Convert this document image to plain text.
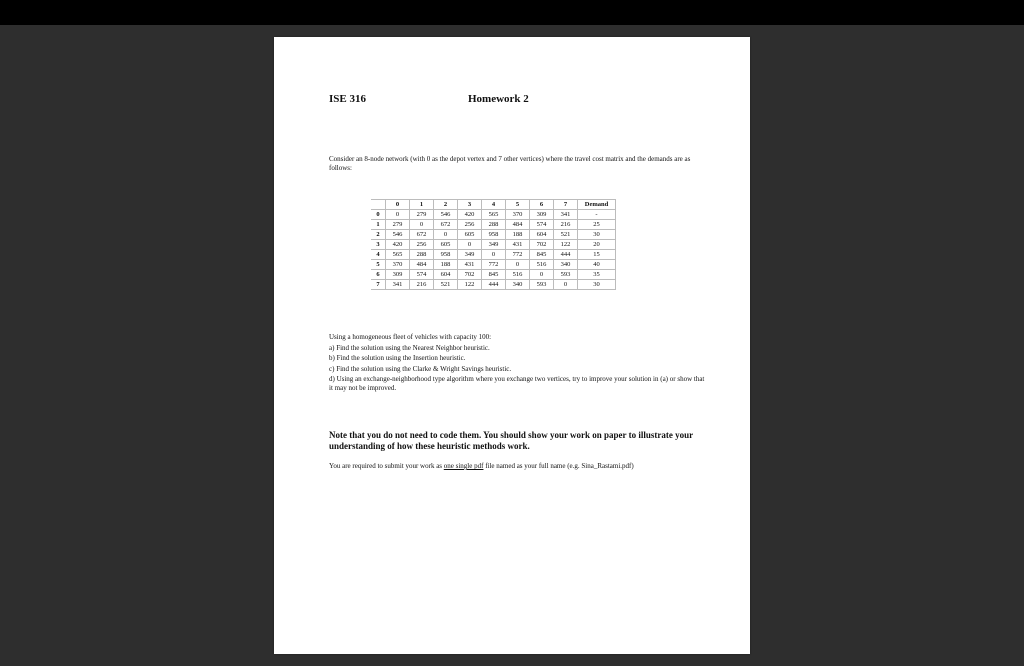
ISE 316	Homework 2
Consider an 8-node network (with 0 as the depot vertex and 7 other vertices) where the travel cost matrix and the demands are as follows:
	0	1	2	3	4	5	6	7	Demand
0	0	279	546	420	565	370	309	341	-
1	279	0	672	256	288	484	574	216	25
2	546	672	0	605	958	188	604	521	30
3	420	256	605	0	349	431	702	122	20
4	565	288	958	349	0	772	845	444	15
5	370	484	188	431	772	0	516	340	40
6	309	574	604	702	845	516	0	593	35
7	341	216	521	122	444	340	593	0	30

Using a homogeneous fleet of vehicles with capacity 100:

a) Find the solution using the Nearest Neighbor heuristic.

b) Find the solution using the Insertion heuristic.

c) Find the solution using the Clarke & Wright Savings heuristic.

d) Using an exchange-neighborhood type algorithm where you exchange two vertices, try to improve your solution in (a) or show that it may not be improved.

Note that you do not need to code them. You should show your work on paper to illustrate your understanding of how these heuristic methods work.
You are required to submit your work as one single pdf file named as your full name (e.g. Sina_Rastami.pdf)
